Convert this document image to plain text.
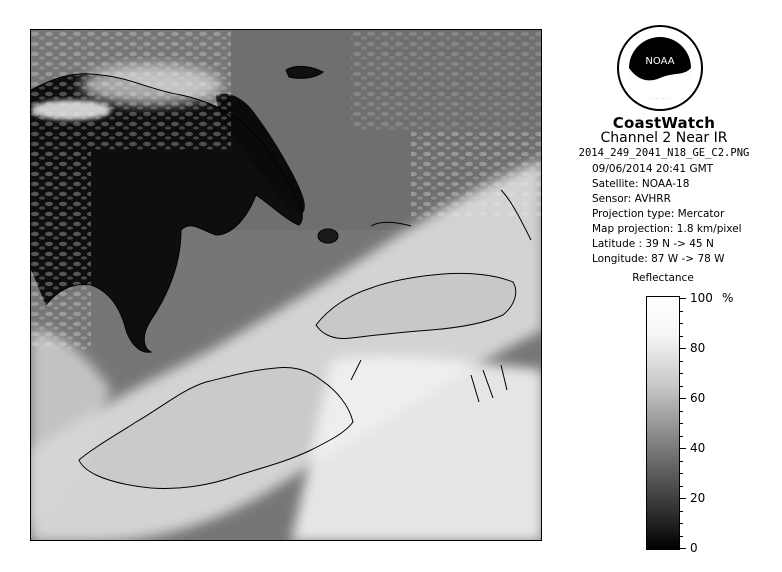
NOAA
CoastWatch
Channel 2 Near IR
2014_249_2041_N18_GE_C2.PNG
09/06/2014 20:41 GMT
Satellite: NOAA-18
Sensor: AVHRR
Projection type: Mercator
Map projection: 1.8 km/pixel
Latitude : 39 N -> 45 N
Longitude: 87 W -> 78 W
Reflectance
%
100
80
60
40
20
0
